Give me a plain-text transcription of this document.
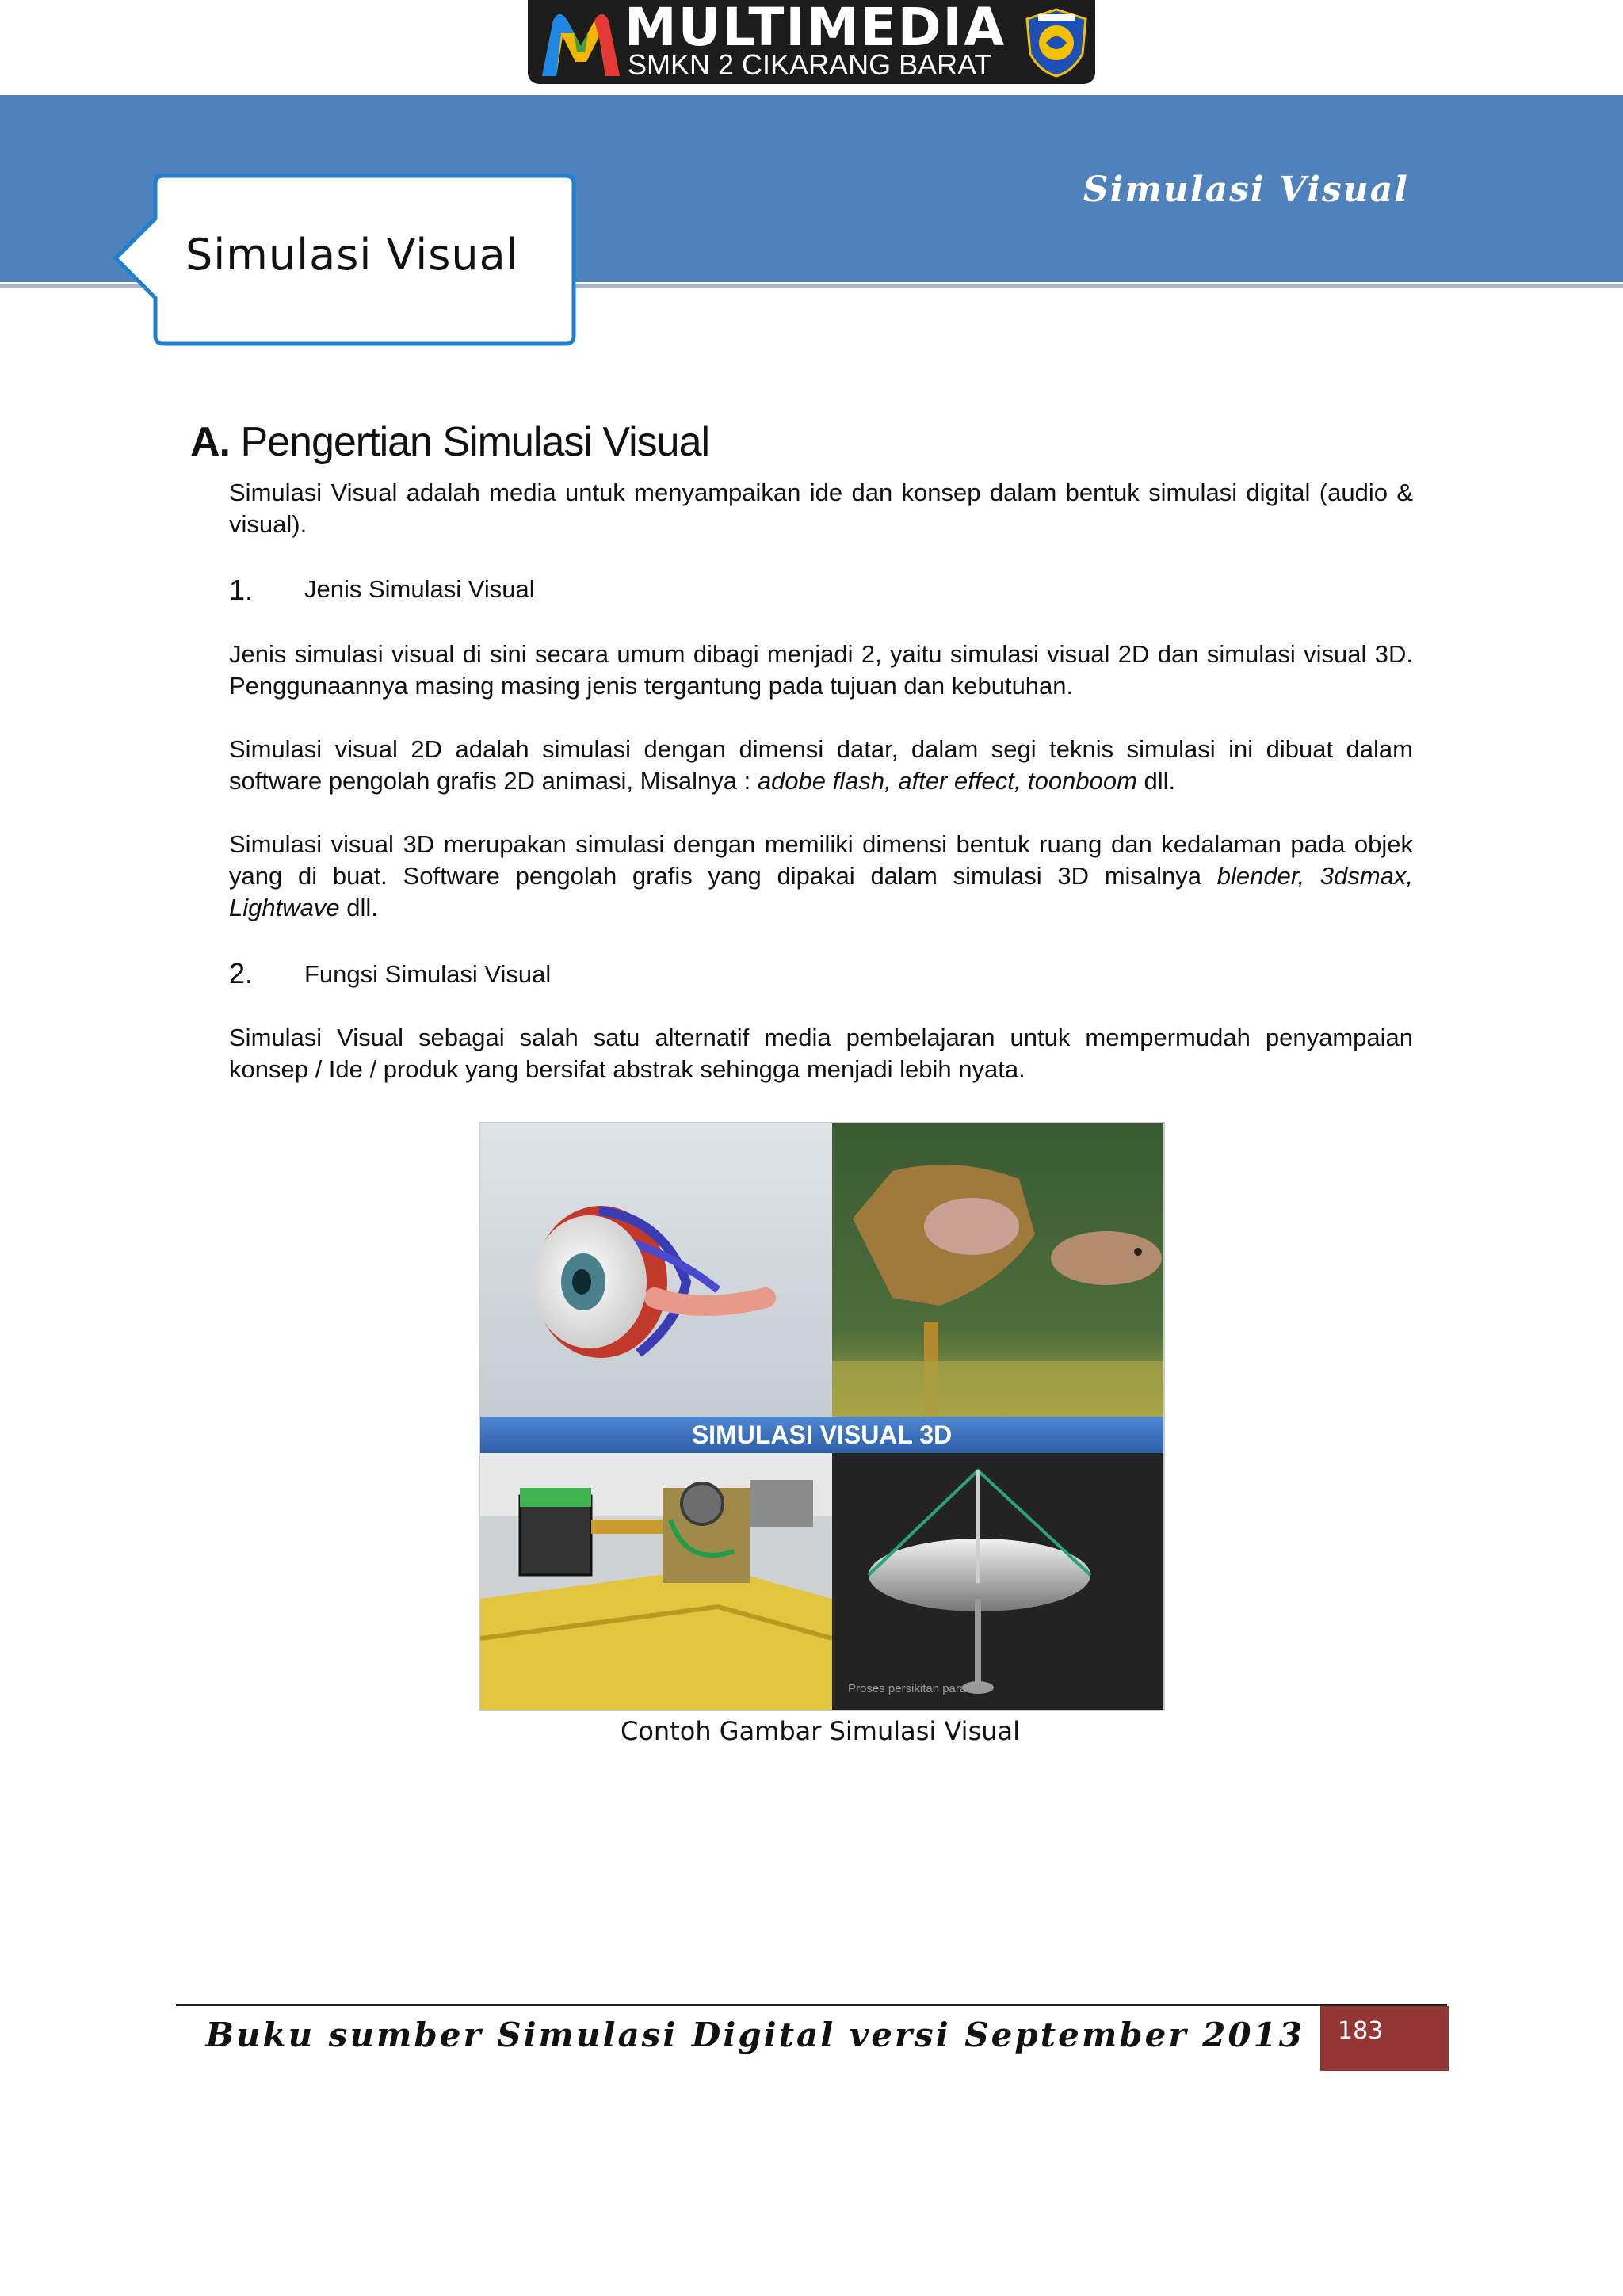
MULTIMEDIA
SMKN 2 CIKARANG BARAT
Simulasi Visual
Simulasi Visual
A. Pengertian Simulasi Visual
Simulasi Visual adalah media untuk menyampaikan ide dan konsep dalam bentuk simulasi digital (audio & visual).
1. Jenis Simulasi Visual
Jenis simulasi visual di sini secara umum dibagi menjadi 2, yaitu simulasi visual 2D dan simulasi visual 3D. Penggunaannya masing masing jenis tergantung pada tujuan dan kebutuhan.
Simulasi visual 2D adalah simulasi dengan dimensi datar, dalam segi teknis simulasi ini dibuat dalam software pengolah grafis 2D animasi, Misalnya : adobe flash, after effect, toonboom dll.
Simulasi visual 3D merupakan simulasi dengan memiliki dimensi bentuk ruang dan kedalaman pada objek yang di buat. Software pengolah grafis yang dipakai dalam simulasi 3D misalnya blender, 3dsmax, Lightwave dll.
2. Fungsi Simulasi Visual
Simulasi Visual sebagai salah satu alternatif media pembelajaran untuk mempermudah penyampaian konsep / Ide / produk yang bersifat abstrak sehingga menjadi lebih nyata.
SIMULASI VISUAL 3D
Proses persikitan parabola
Contoh Gambar Simulasi Visual
Buku sumber Simulasi Digital versi September 2013 183
